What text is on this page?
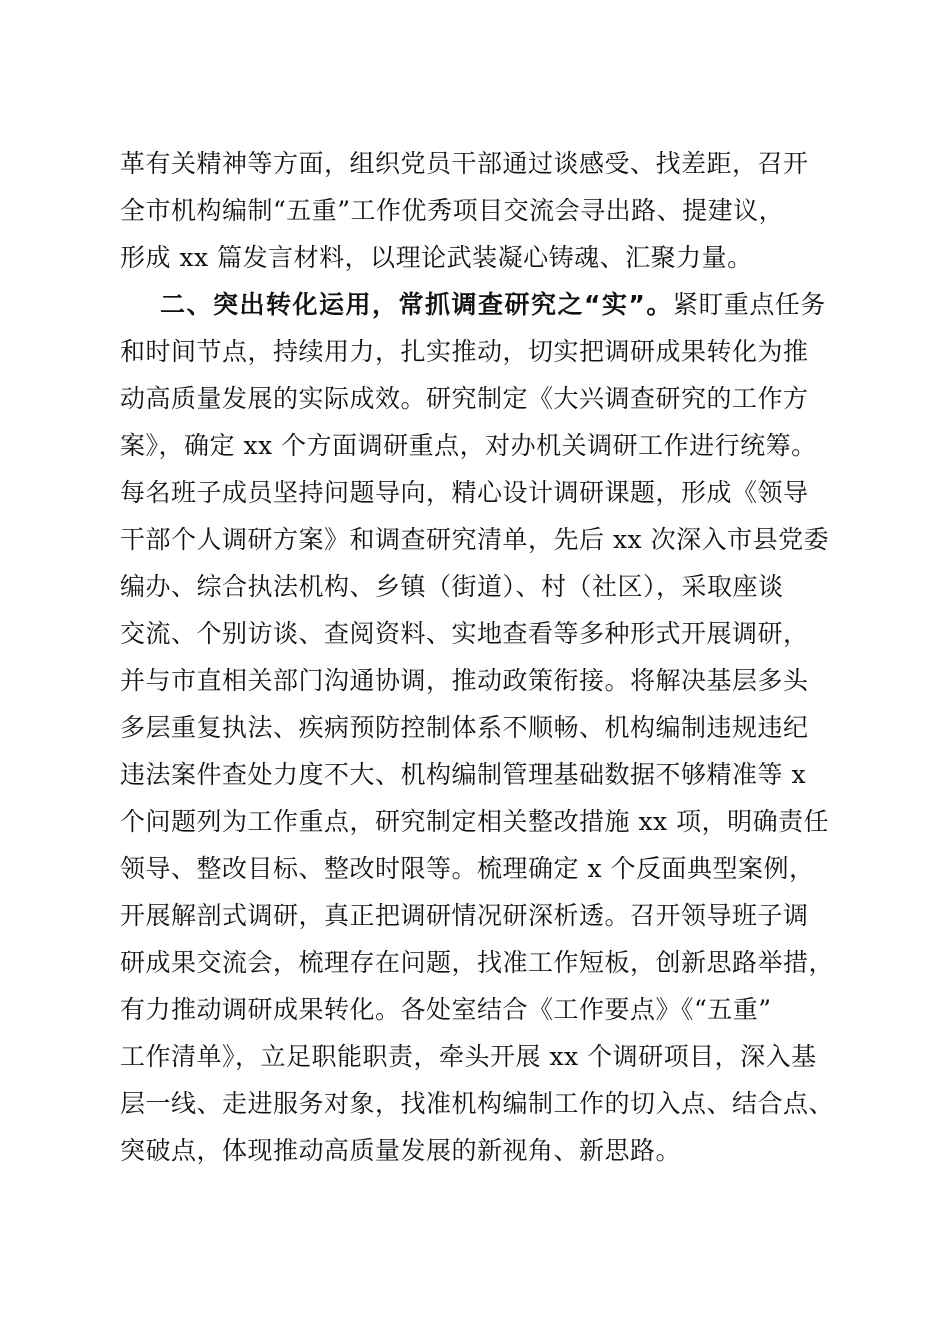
革有关精神等方面，组织党员干部通过谈感受、找差距，召开
全市机构编制“五重”工作优秀项目交流会寻出路、提建议，
形成 xx 篇发言材料，以理论武装凝心铸魂、汇聚力量。
二、突出转化运用，常抓调查研究之“实”。紧盯重点任务
和时间节点，持续用力，扎实推动，切实把调研成果转化为推
动高质量发展的实际成效。研究制定《大兴调查研究的工作方
案》，确定 xx 个方面调研重点，对办机关调研工作进行统筹。
每名班子成员坚持问题导向，精心设计调研课题，形成《领导
干部个人调研方案》和调查研究清单，先后 xx 次深入市县党委
编办、综合执法机构、乡镇（街道）、村（社区），采取座谈
交流、个别访谈、查阅资料、实地查看等多种形式开展调研，
并与市直相关部门沟通协调，推动政策衔接。将解决基层多头
多层重复执法、疾病预防控制体系不顺畅、机构编制违规违纪
违法案件查处力度不大、机构编制管理基础数据不够精准等 x
个问题列为工作重点，研究制定相关整改措施 xx 项，明确责任
领导、整改目标、整改时限等。梳理确定 x 个反面典型案例，
开展解剖式调研，真正把调研情况研深析透。召开领导班子调
研成果交流会，梳理存在问题，找准工作短板，创新思路举措，
有力推动调研成果转化。各处室结合《工作要点》《“五重”
工作清单》，立足职能职责，牵头开展 xx 个调研项目，深入基
层一线、走进服务对象，找准机构编制工作的切入点、结合点、
突破点，体现推动高质量发展的新视角、新思路。
